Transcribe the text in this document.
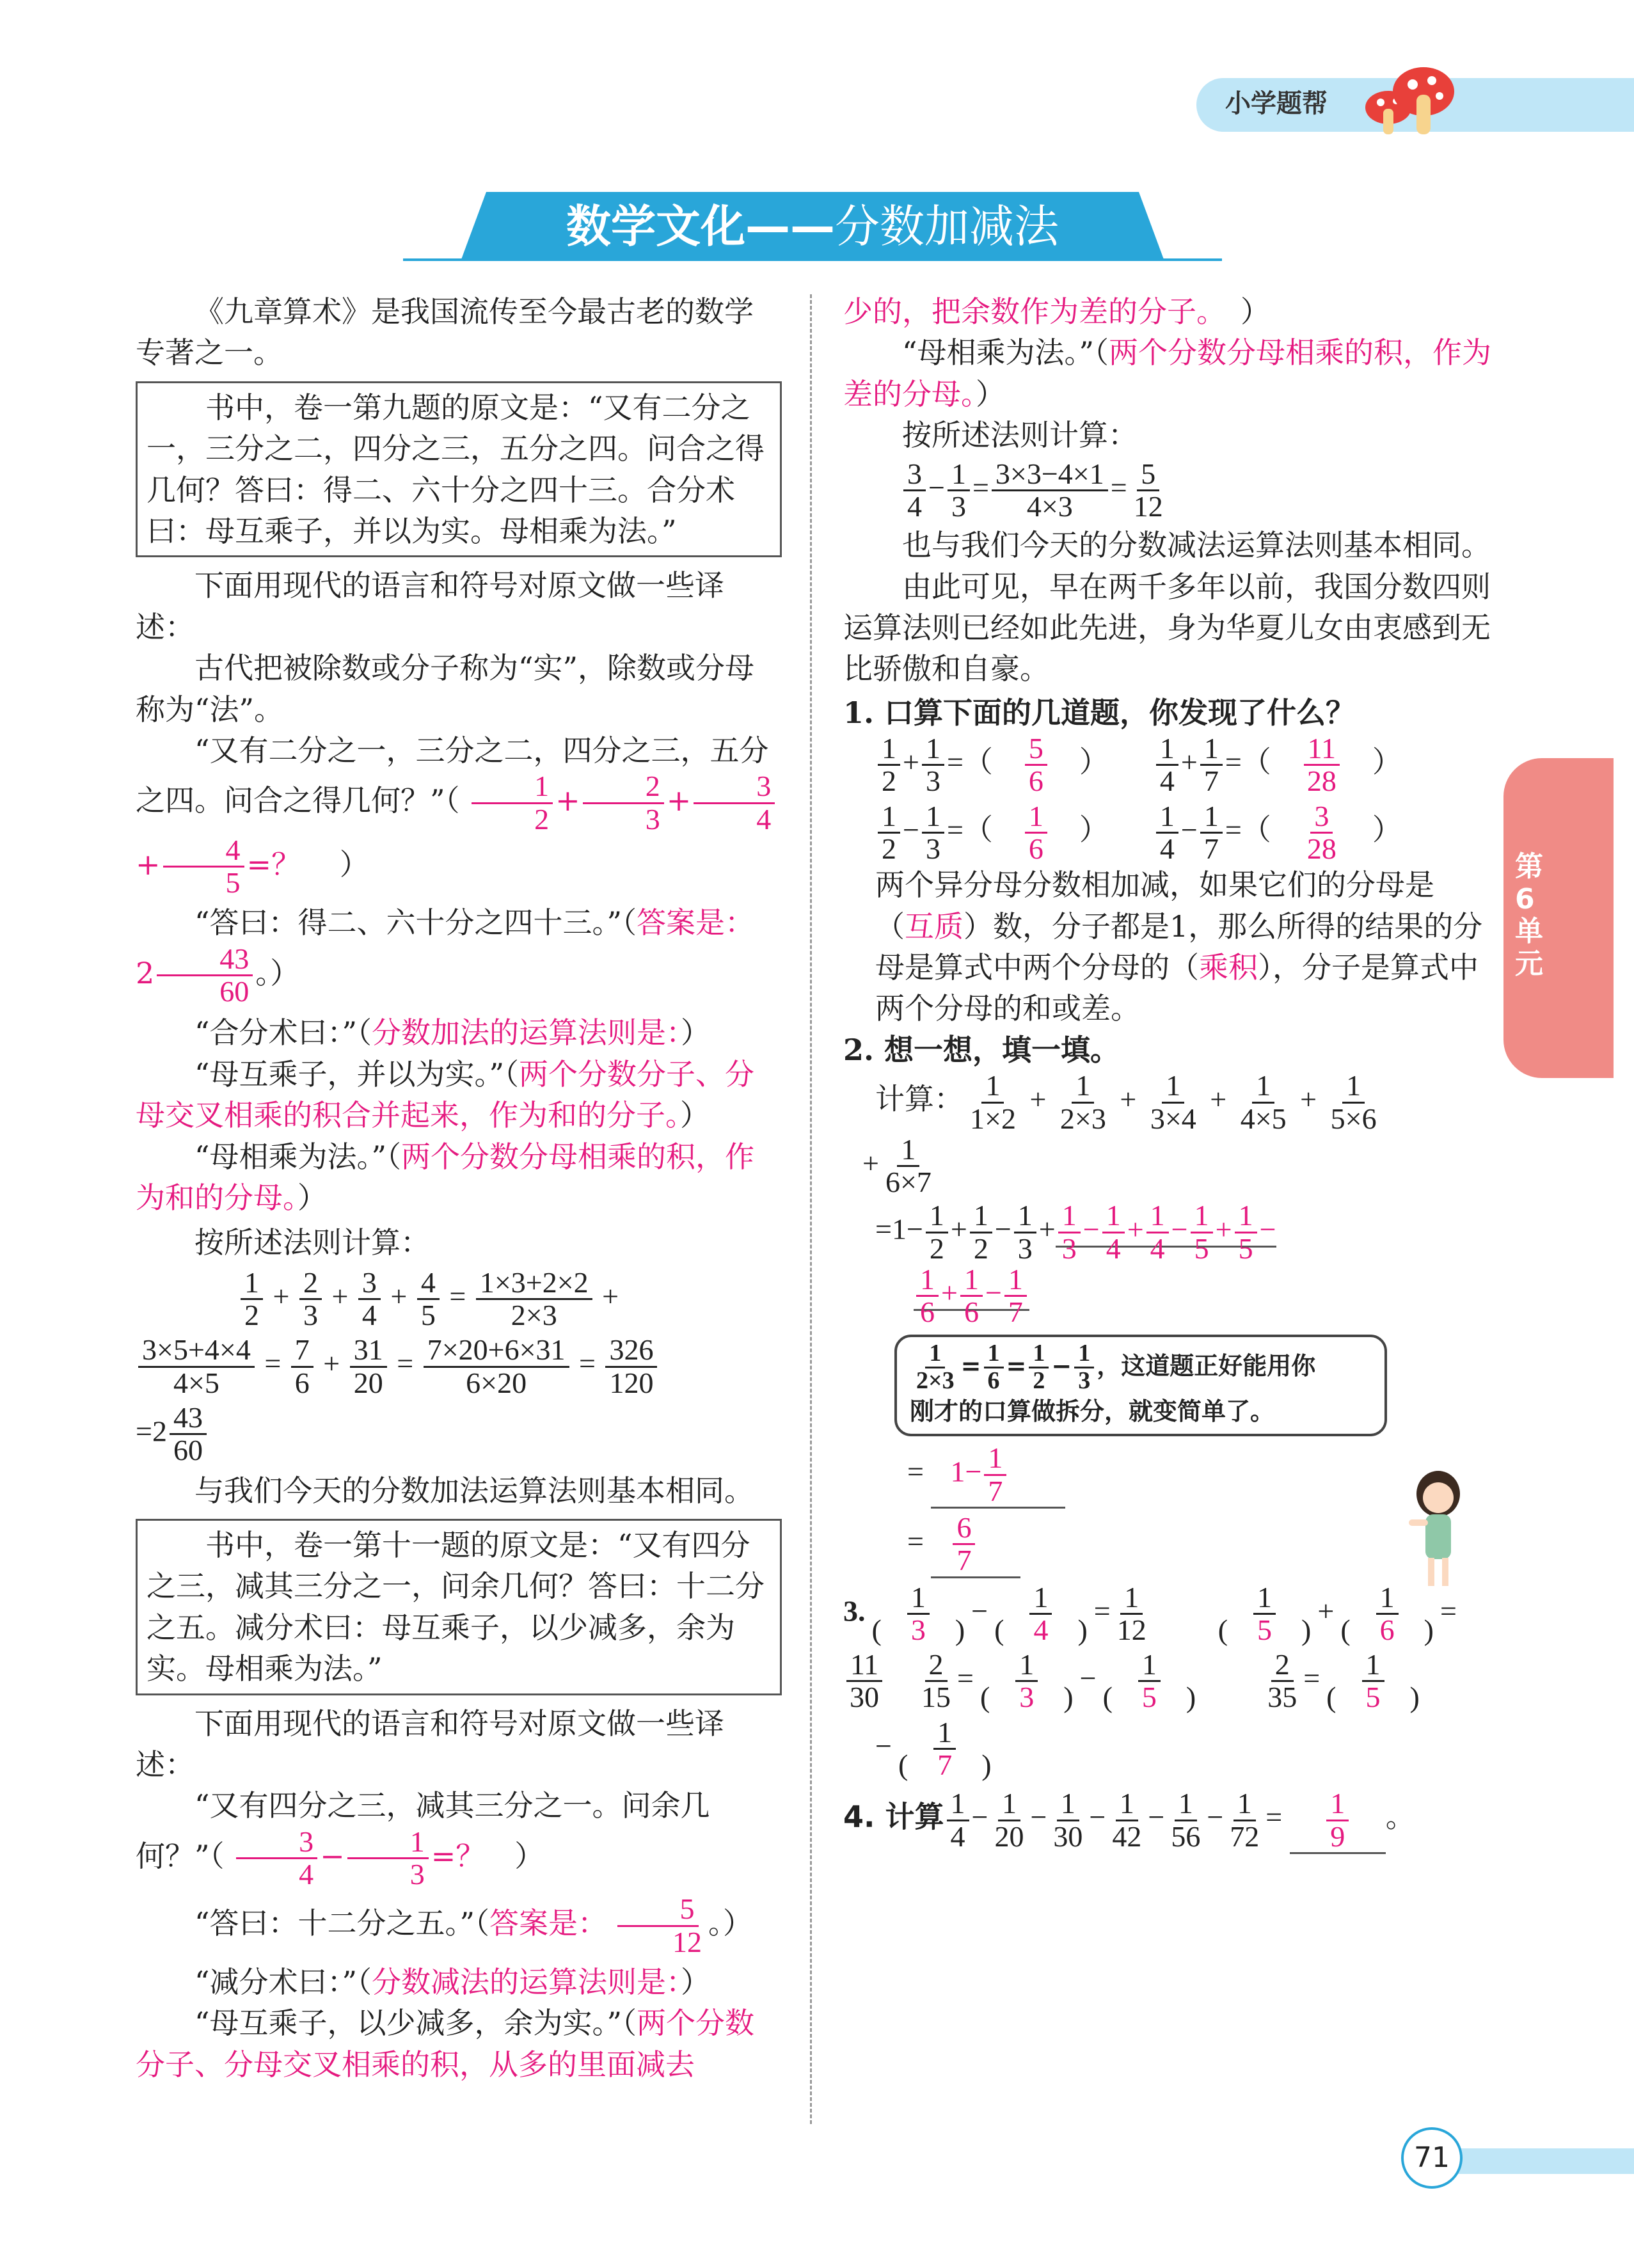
小学题帮
数学文化——分数加减法
第6单元

《九章算术》是我国流传至今最古老的数学专著之一。

书中，卷一第九题的原文是：“又有二分之一，三分之二，四分之三，五分之四。问合之得几何？答曰：得二、六十分之四十三。合分术曰：母互乘子，并以为实。母相乘为法。”

下面用现代的语言和符号对原文做一些译述：

古代把被除数或分子称为“实”，除数或分母称为“法”。

“又有二分之一，三分之二，四分之三，五分之四。问合之得几何？”（ $\frac{1}{2} + \frac{2}{3} + \frac{3}{4}$
+ $\frac{4}{5}$ =？ 　）

“答曰：得二、六十分之四十三。”（答案是：
$2 \frac{43}{60}$ 。）

“合分术曰：”（分数加法的运算法则是：）

“母互乘子，并以为实。”（两个分数分子、分母交叉相乘的积合并起来，作为和的分子。）

“母相乘为法。”（两个分数分母相乘的积，作为和的分母。）

按所述法则计算：

$\frac{1}{2} + \frac{2}{3} + \frac{3}{4} + \frac{4}{5} = \frac{1\times 3+2\times 2}{2\times 3}$ +
$\frac{3\times 5+4\times 4}{4\times 5} = \frac{7}{6} + \frac{31}{20} = \frac{7\times 20+6\times 31}{6\times 20} = \frac{326}{120}$
$=2 \frac{43}{60}$

与我们今天的分数加法运算法则基本相同。

书中，卷一第十一题的原文是：“又有四分之三，减其三分之一，问余几何？答曰：十二分之五。减分术曰：母互乘子，以少减多，余为实。母相乘为法。”

下面用现代的语言和符号对原文做一些译述：

“又有四分之三，减其三分之一。问余几何？”（ $\frac{3}{4} - \frac{1}{3}$ =？　）

“答曰：十二分之五。”（答案是： $\frac{5}{12}$ 。）

“减分术曰：”（分数减法的运算法则是：）

“母互乘子，以少减多，余为实。”（两个分数分子、分母交叉相乘的积，从多的里面减去

少的，把余数作为差的分子。　）

“母相乘为法。”（两个分数分母相乘的积，作为差的分母。）

按所述法则计算：

$\frac{3}{4} - \frac{1}{3} = \frac{3\times 3-4\times 1}{4\times 3} = \frac{5}{12}$

也与我们今天的分数减法运算法则基本相同。

由此可见，早在两千多年以前，我国分数四则运算法则已经如此先进，身为华夏儿女由衷感到无比骄傲和自豪。

1. 口算下面的几道题，你发现了什么？

$\frac{1}{2} + \frac{1}{3}$ =（　 $\frac{5}{6}$ 　） $\frac{1}{4} + \frac{1}{7}$ =（　 $\frac{11}{28}$ 　）
$\frac{1}{2} - \frac{1}{3}$ =（　 $\frac{1}{6}$ 　） $\frac{1}{4} - \frac{1}{7}$ =（　 $\frac{3}{28}$ 　）

两个异分母分数相加减，如果它们的分母是（互质）数，分子都是1，那么所得的结果的分母是算式中两个分母的（乘积），分子是算式中两个分母的和或差。

2. 想一想，填一填。

计算： $\frac{1}{1\times 2} + \frac{1}{2\times 3} + \frac{1}{3\times 4} + \frac{1}{4\times 5} + \frac{1}{5\times 6}$
+ $\frac{1}{6\times 7}$
$=1- \frac{1}{2} + \frac{1}{2} - \frac{1}{3} + \frac{1}{3} - \frac{1}{4} + \frac{1}{4} - \frac{1}{5} + \frac{1}{5}$ −
$\frac{1}{6} + \frac{1}{6} - \frac{1}{7}$
$\frac{1}{2\times 3} = \frac{1}{6} = \frac{1}{2} - \frac{1}{3}$ ，这道题正好能用你
刚才的口算做拆分，就变简单了。
= $1- \frac{1}{7}$
= $\frac{6}{7}$
3. $\frac{1}{( 3 )} - \frac{1}{( 4 )} = \frac{1}{12}$
　　 $\frac{1}{( 5 )} + \frac{1}{( 6 )}$ =
$\frac{11}{30}$
　 $\frac{2}{15} = \frac{1}{( 3 )} - \frac{1}{( 5 )}$
　　 $\frac{2}{35} = \frac{1}{( 5 )}$
− $\frac{1}{( 7 )}$
4. 计算 $\frac{1}{4} - \frac{1}{20} - \frac{1}{30} - \frac{1}{42} - \frac{1}{56} - \frac{1}{72} = \frac{1}{9}$ 。
71
